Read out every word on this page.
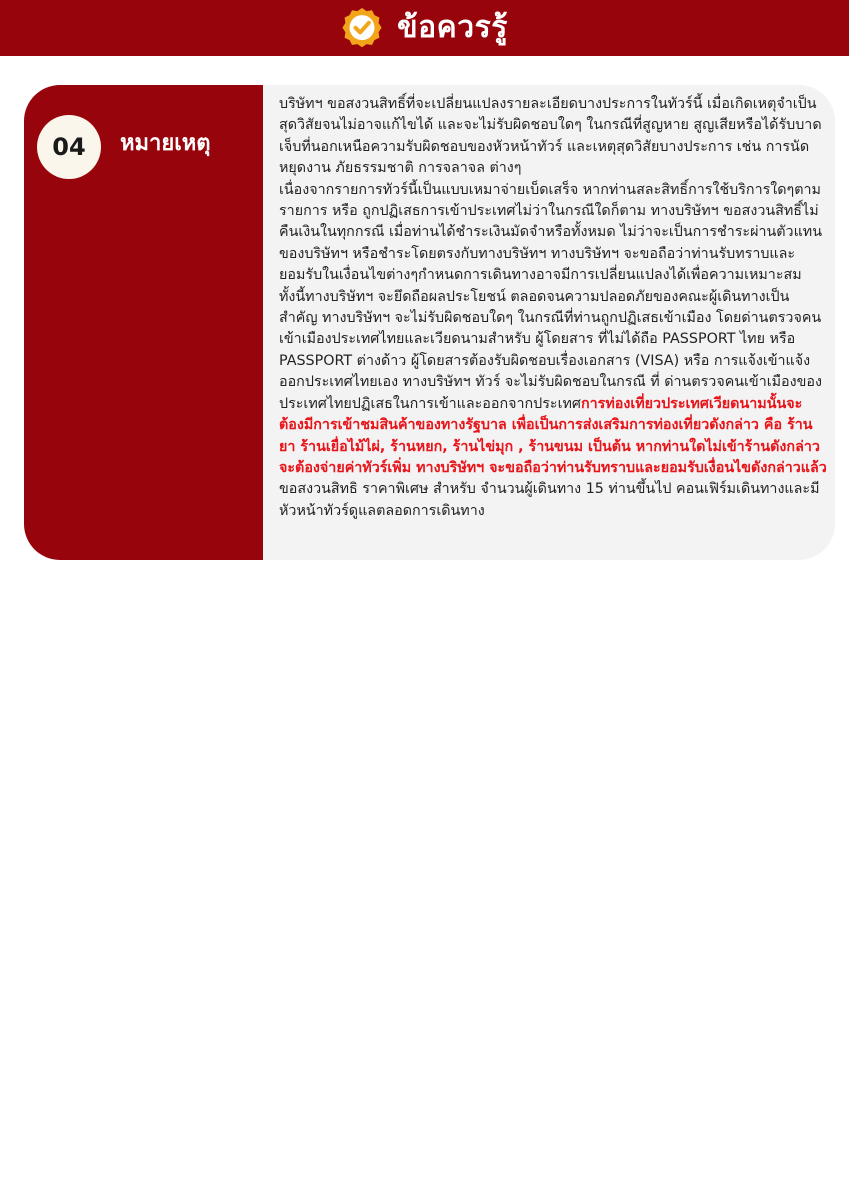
ข้อควรรู้
04	หมายเหตุ

บริษัทฯ ขอสงวนสิทธิ์ที่จะเปลี่ยนแปลงรายละเอียดบางประการในทัวร์นี้ เมื่อเกิดเหตุจำเป็นสุดวิสัยจนไม่อาจแก้ไขได้ และจะไม่รับผิดชอบใดๆ ในกรณีที่สูญหาย สูญเสียหรือได้รับบาดเจ็บที่นอกเหนือความรับผิดชอบของหัวหน้าทัวร์ และเหตุสุดวิสัยบางประการ เช่น การนัดหยุดงาน ภัยธรรมชาติ การจลาจล ต่างๆ

เนื่องจากรายการทัวร์นี้เป็นแบบเหมาจ่ายเบ็ดเสร็จ หากท่านสละสิทธิ์การใช้บริการใดๆตามรายการ หรือ ถูกปฏิเสธการเข้าประเทศไม่ว่าในกรณีใดก็ตาม ทางบริษัทฯ ขอสงวนสิทธิ์ไม่คืนเงินในทุกกรณี เมื่อท่านได้ชำระเงินมัดจำหรือทั้งหมด ไม่ว่าจะเป็นการชำระผ่านตัวแทนของบริษัทฯ หรือชำระโดยตรงกับทางบริษัทฯ ทางบริษัทฯ จะขอถือว่าท่านรับทราบและยอมรับในเงื่อนไขต่างๆกำหนดการเดินทางอาจมีการเปลี่ยนแปลงได้เพื่อความเหมาะสม ทั้งนี้ทางบริษัทฯ จะยึดถือผลประโยชน์ ตลอดจนความปลอดภัยของคณะผู้เดินทางเป็นสำคัญ ทางบริษัทฯ จะไม่รับผิดชอบใดๆ ในกรณีที่ท่านถูกปฏิเสธเข้าเมือง โดยด่านตรวจคนเข้าเมืองประเทศไทยและเวียดนามสำหรับ ผู้โดยสาร ที่ไม่ได้ถือ PASSPORT ไทย หรือ PASSPORT ต่างด้าว ผู้โดยสารต้องรับผิดชอบเรื่องเอกสาร (VISA) หรือ การแจ้งเข้าแจ้งออกประเทศไทยเอง ทางบริษัทฯ ทัวร์ จะไม่รับผิดชอบในกรณี ที่ ด่านตรวจคนเข้าเมืองของประเทศไทยปฏิเสธในการเข้าและออกจากประเทศการท่องเที่ยวประเทศเวียดนามนั้นจะต้องมีการเข้าชมสินค้าของทางรัฐบาล เพื่อเป็นการส่งเสริมการท่องเที่ยวดังกล่าว คือ ร้านยา ร้านเยื่อไม้ไผ่, ร้านหยก, ร้านไข่มุก , ร้านขนม เป็นต้น หากท่านใดไม่เข้าร้านดังกล่าวจะต้องจ่ายค่าทัวร์เพิ่ม ทางบริษัทฯ จะขอถือว่าท่านรับทราบและยอมรับเงื่อนไขดังกล่าวแล้วขอสงวนสิทธิ ราคาพิเศษ สำหรับ จำนวนผู้เดินทาง 15 ท่านขึ้นไป คอนเฟิร์มเดินทางและมีหัวหน้าทัวร์ดูแลตลอดการเดินทาง
